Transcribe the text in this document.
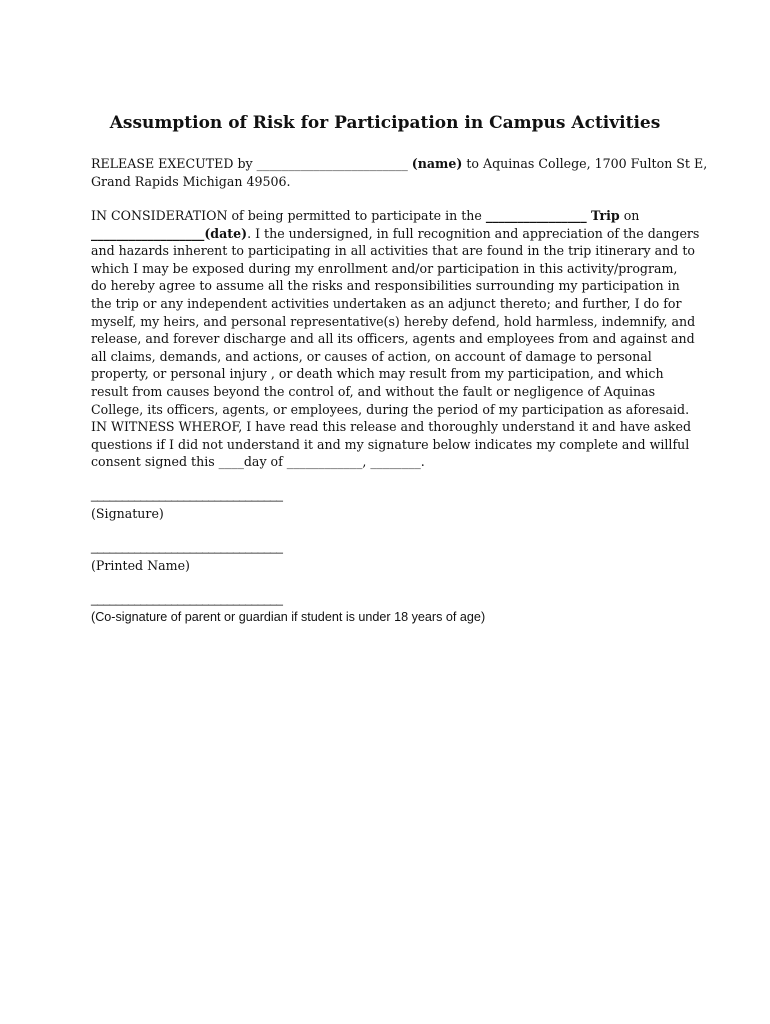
Assumption of Risk for Participation in Campus Activities
RELEASE EXECUTED by ________________________ (name) to Aquinas College, 1700 Fulton St E,
Grand Rapids Michigan 49506.
IN CONSIDERATION of being permitted to participate in the ________________ Trip on
__________________(date). I the undersigned, in full recognition and appreciation of the dangers
and hazards inherent to participating in all activities that are found in the trip itinerary and to
which I may be exposed during my enrollment and/or participation in this activity/program,
do hereby agree to assume all the risks and responsibilities surrounding my participation in
the trip or any independent activities undertaken as an adjunct thereto; and further, I do for
myself, my heirs, and personal representative(s) hereby defend, hold harmless, indemnify, and
release, and forever discharge and all its officers, agents and employees from and against and
all claims, demands, and actions, or causes of action, on account of damage to personal
property, or personal injury , or death which may result from my participation, and which
result from causes beyond the control of, and without the fault or negligence of Aquinas
College, its officers, agents, or employees, during the period of my participation as aforesaid.
IN WITNESS WHEROF, I have read this release and thoroughly understand it and have asked
questions if I did not understand it and my signature below indicates my complete and willful
consent signed this ____day of ____________, ________.
_______________________________
(Signature)
_______________________________
(Printed Name)
_______________________________
(Co-signature of parent or guardian if student is under 18 years of age)
